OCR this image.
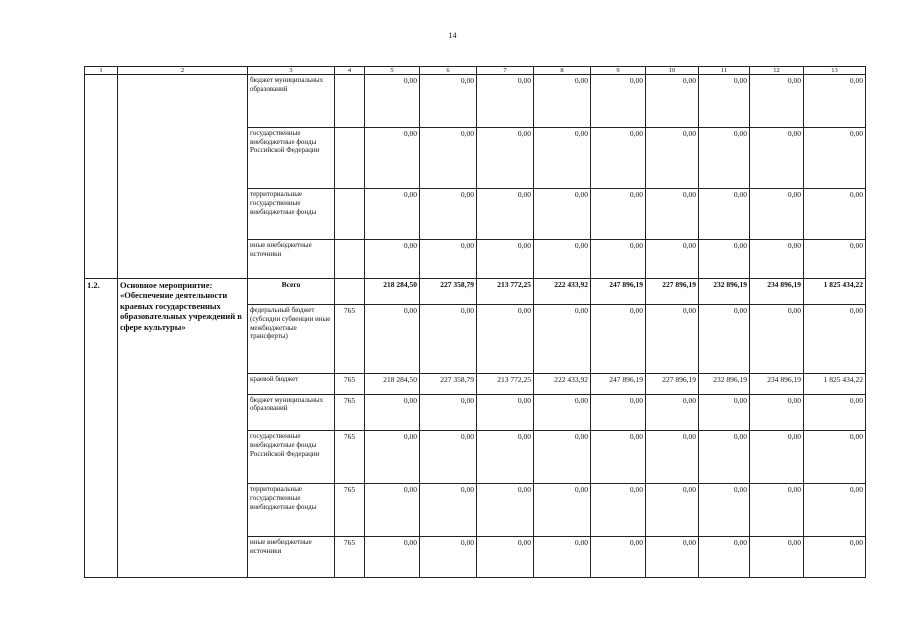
14
1	2	3	4	5	6	7	8	9	10	11	12	13
		бюджет муниципальных образований		0,00	0,00	0,00	0,00	0,00	0,00	0,00	0,00	0,00
		государственные внебюджетные фонды Российской Федерации		0,00	0,00	0,00	0,00	0,00	0,00	0,00	0,00	0,00
		территориальные государственные внебюджетные фонды		0,00	0,00	0,00	0,00	0,00	0,00	0,00	0,00	0,00
		иные внебюджетные источники		0,00	0,00	0,00	0,00	0,00	0,00	0,00	0,00	0,00
1.2.	Основное мероприятие: «Обеспечение деятельности краевых государственных образовательных учреждений в сфере культуры»	Всего		218 284,50	227 358,79	213 772,25	222 433,92	247 896,19	227 896,19	232 896,19	234 896,19	1 825 434,22
		федеральный бюджет (субсидии субвенции иные межбюджетные трансферты)	765	0,00	0,00	0,00	0,00	0,00	0,00	0,00	0,00	0,00
		краевой бюджет	765	218 284,50	227 358,79	213 772,25	222 433,92	247 896,19	227 896,19	232 896,19	234 896,19	1 825 434,22
		бюджет муниципальных образований	765	0,00	0,00	0,00	0,00	0,00	0,00	0,00	0,00	0,00
		государственные внебюджетные фонды Российской Федерации	765	0,00	0,00	0,00	0,00	0,00	0,00	0,00	0,00	0,00
		территориальные государственные внебюджетные фонды	765	0,00	0,00	0,00	0,00	0,00	0,00	0,00	0,00	0,00
		иные внебюджетные источники	765	0,00	0,00	0,00	0,00	0,00	0,00	0,00	0,00	0,00
